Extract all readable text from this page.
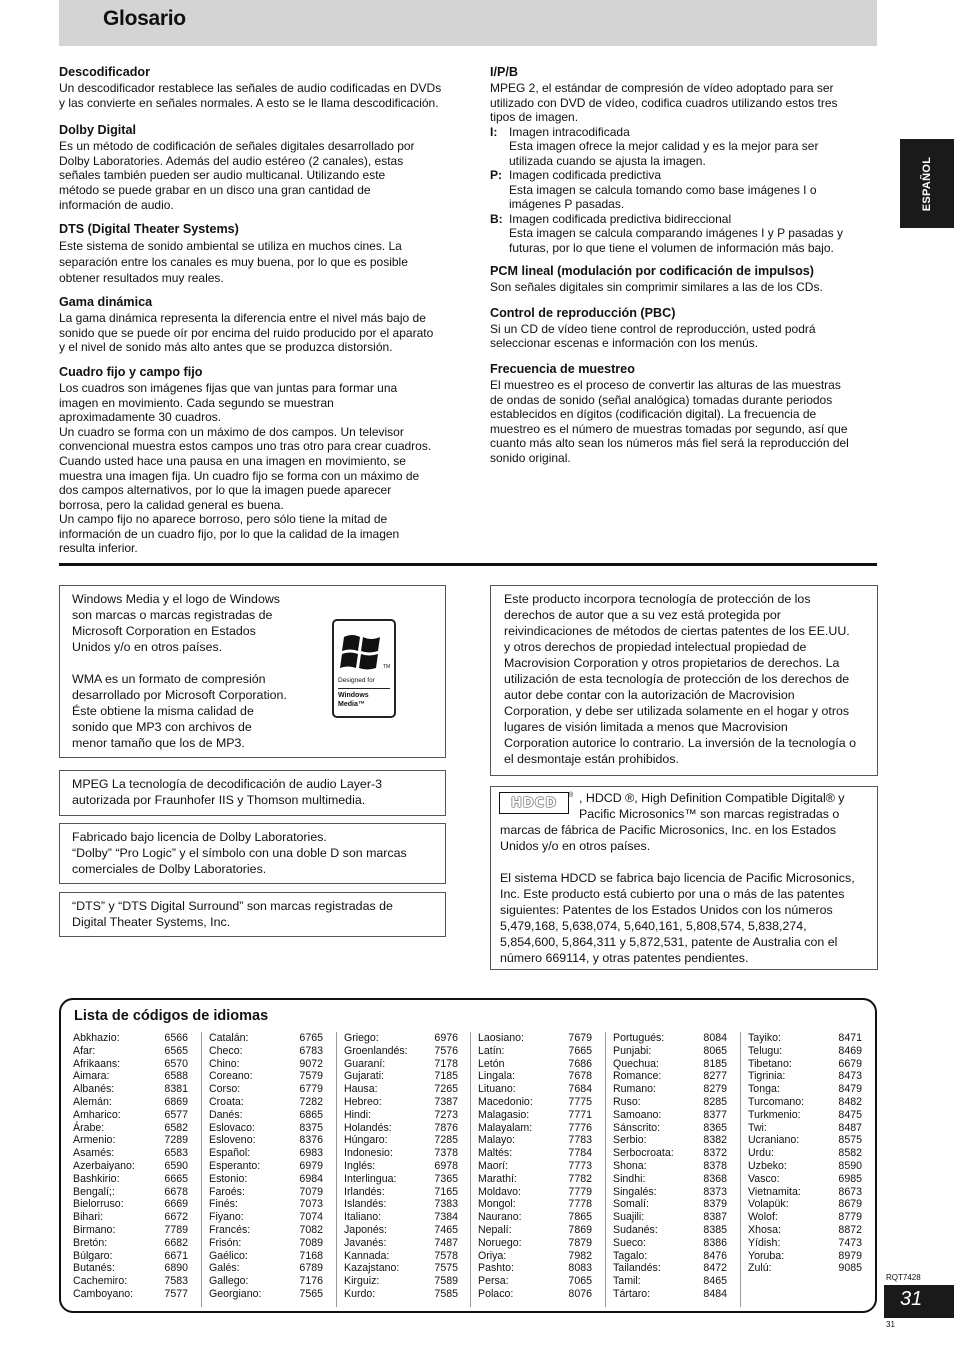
Glosario
ESPAÑOL
Descodificador
Un descodificador restablece las señales de audio codificadas en DVDs
y las convierte en señales normales. A esto se le llama descodificación.
Dolby Digital
Es un método de codificación de señales digitales desarrollado por
Dolby Laboratories. Además del audio estéreo (2 canales), estas
señales también pueden ser audio multicanal. Utilizando este
método se puede grabar en un disco una gran cantidad de
información de audio.
DTS (Digital Theater Systems)
Este sistema de sonido ambiental se utiliza en muchos cines. La
separación entre los canales es muy buena, por lo que es posible
obtener resultados muy reales.
Gama dinámica
La gama dinámica representa la diferencia entre el nivel más bajo de
sonido que se puede oír por encima del ruido producido por el aparato
y el nivel de sonido más alto antes que se produzca distorsión.
Cuadro fijo y campo fijo
Los cuadros son imágenes fijas que van juntas para formar una
imagen en movimiento. Cada segundo se muestran
aproximadamente 30 cuadros.
Un cuadro se forma con un máximo de dos campos. Un televisor
convencional muestra estos campos uno tras otro para crear cuadros.
Cuando usted hace una pausa en una imagen en movimiento, se
muestra una imagen fija. Un cuadro fijo se forma con un máximo de
dos campos alternativos, por lo que la imagen puede aparecer
borrosa, pero la calidad general es buena.
Un campo fijo no aparece borroso, pero sólo tiene la mitad de
información de un cuadro fijo, por lo que la calidad de la imagen
resulta inferior.
I/P/B
MPEG 2, el estándar de compresión de vídeo adoptado para ser
utilizado con DVD de vídeo, codifica cuadros utilizando estos tres
tipos de imagen.
I: Imagen intracodificada
Esta imagen ofrece la mejor calidad y es la mejor para ser
utilizada cuando se ajusta la imagen.
P: Imagen codificada predictiva
Esta imagen se calcula tomando como base imágenes I o
imágenes P pasadas.
B: Imagen codificada predictiva bidireccional
Esta imagen se calcula comparando imágenes I y P pasadas y
futuras, por lo que tiene el volumen de información más bajo.
PCM lineal (modulación por codificación de impulsos)
Son señales digitales sin comprimir similares a las de los CDs.
Control de reproducción (PBC)
Si un CD de vídeo tiene control de reproducción, usted podrá
seleccionar escenas e información con los menús.
Frecuencia de muestreo
El muestreo es el proceso de convertir las alturas de las muestras
de ondas de sonido (señal analógica) tomadas durante periodos
establecidos en dígitos (codificación digital). La frecuencia de
muestreo es el número de muestras tomadas por segundo, así que
cuanto más alto sean los números más fiel será la reproducción del
sonido original.
Windows Media y el logo de Windows
son marcas o marcas registradas de
Microsoft Corporation en Estados
Unidos y/o en otros países.

WMA es un formato de compresión
desarrollado por Microsoft Corporation.
Éste obtiene la misma calidad de
sonido que MP3 con archivos de
menor tamaño que los de MP3.
TM
Designed for
Windows
Media™
MPEG La tecnología de decodificación de audio Layer-3
autorizada por Fraunhofer IIS y Thomson multimedia.
Fabricado bajo licencia de Dolby Laboratories.
“Dolby” “Pro Logic” y el símbolo con una doble D son marcas
comerciales de Dolby Laboratories.
“DTS” y “DTS Digital Surround” son marcas registradas de
Digital Theater Systems, Inc.
Este producto incorpora tecnología de protección de los
derechos de autor que a su vez está protegida por
reivindicaciones de métodos de ciertas patentes de los EE.UU.
y otros derechos de propiedad intelectual propiedad de
Macrovision Corporation y otros propietarios de derechos. La
utilización de esta tecnología de protección de los derechos de
autor debe contar con la autorización de Macrovision
Corporation, y debe ser utilizada solamente en el hogar y otros
lugares de visión limitada a menos que Macrovision
Corporation autorice lo contrario. La inversión de la tecnología o
el desmontaje están prohibidos.
, HDCD ®, High Definition Compatible Digital® y
Pacific Microsonics™ son marcas registradas o
marcas de fábrica de Pacific Microsonics, Inc. en los Estados
Unidos y/o en otros países.

El sistema HDCD se fabrica bajo licencia de Pacific Microsonics,
Inc. Este producto está cubierto por una o más de las patentes
siguientes: Patentes de los Estados Unidos con los números
5,479,168, 5,638,074, 5,640,161, 5,808,574, 5,838,274,
5,854,600, 5,864,311 y 5,872,531, patente de Australia con el
número 669114, y otras patentes pendientes.
HDCD ®
Lista de códigos de idiomas
Abkhazio:	6566
Afar:	6565
Afrikaans:	6570
Aimara:	6588
Albanés:	8381
Alemán:	6869
Amharico:	6577
Árabe:	6582
Armenio:	7289
Asamés:	6583
Azerbaiyano:	6590
Bashkirio:	6665
Bengalí;:	6678
Bielorruso:	6669
Bihari:	6672
Birmano:	7789
Bretón:	6682
Búlgaro:	6671
Butanés:	6890
Cachemiro:	7583
Camboyano:	7577
Catalán:	6765
Checo:	6783
Chino:	9072
Coreano:	7579
Corso:	6779
Croata:	7282
Danés:	6865
Eslovaco:	8375
Esloveno:	8376
Español:	6983
Esperanto:	6979
Estonio:	6984
Faroés:	7079
Finés:	7073
Fiyano:	7074
Francés:	7082
Frisón:	7089
Gaélico:	7168
Galés:	6789
Gallego:	7176
Georgiano:	7565
Griego:	6976
Groenlandés:	7576
Guaraní:	7178
Gujarati:	7185
Hausa:	7265
Hebreo:	7387
Hindi:	7273
Holandés:	7876
Húngaro:	7285
Indonesio:	7378
Inglés:	6978
Interlingua:	7365
Irlandés:	7165
Islandés:	7383
Italiano:	7384
Japonés:	7465
Javanés:	7487
Kannada:	7578
Kazajstano:	7575
Kirguiz:	7589
Kurdo:	7585
Laosiano:	7679
Latín:	7665
Letón	7686
Lingala:	7678
Lituano:	7684
Macedonio:	7775
Malagasio:	7771
Malayalam:	7776
Malayo:	7783
Maltés:	7784
Maorí:	7773
Marathí:	7782
Moldavo:	7779
Mongol:	7778
Naurano:	7865
Nepalí:	7869
Noruego:	7879
Oriya:	7982
Pashto:	8083
Persa:	7065
Polaco:	8076
Portugués:	8084
Punjabi:	8065
Quechua:	8185
Romance:	8277
Rumano:	8279
Ruso:	8285
Samoano:	8377
Sánscrito:	8365
Serbio:	8382
Serbocroata:	8372
Shona:	8378
Sindhi:	8368
Singalés:	8373
Somalí:	8379
Suajili:	8387
Sudanés:	8385
Sueco:	8386
Tagalo:	8476
Tailandés:	8472
Tamil:	8465
Tártaro:	8484
Tayiko:	8471
Telugu:	8469
Tibetano:	6679
Tigrinia:	8473
Tonga:	8479
Turcomano:	8482
Turkmenio:	8475
Twi:	8487
Ucraniano:	8575
Urdu:	8582
Uzbeko:	8590
Vasco:	6985
Vietnamita:	8673
Volapük:	8679
Wolof:	8779
Xhosa:	8872
Yídish:	7473
Yoruba:	8979
Zulú:	9085
RQT7428
31
31
